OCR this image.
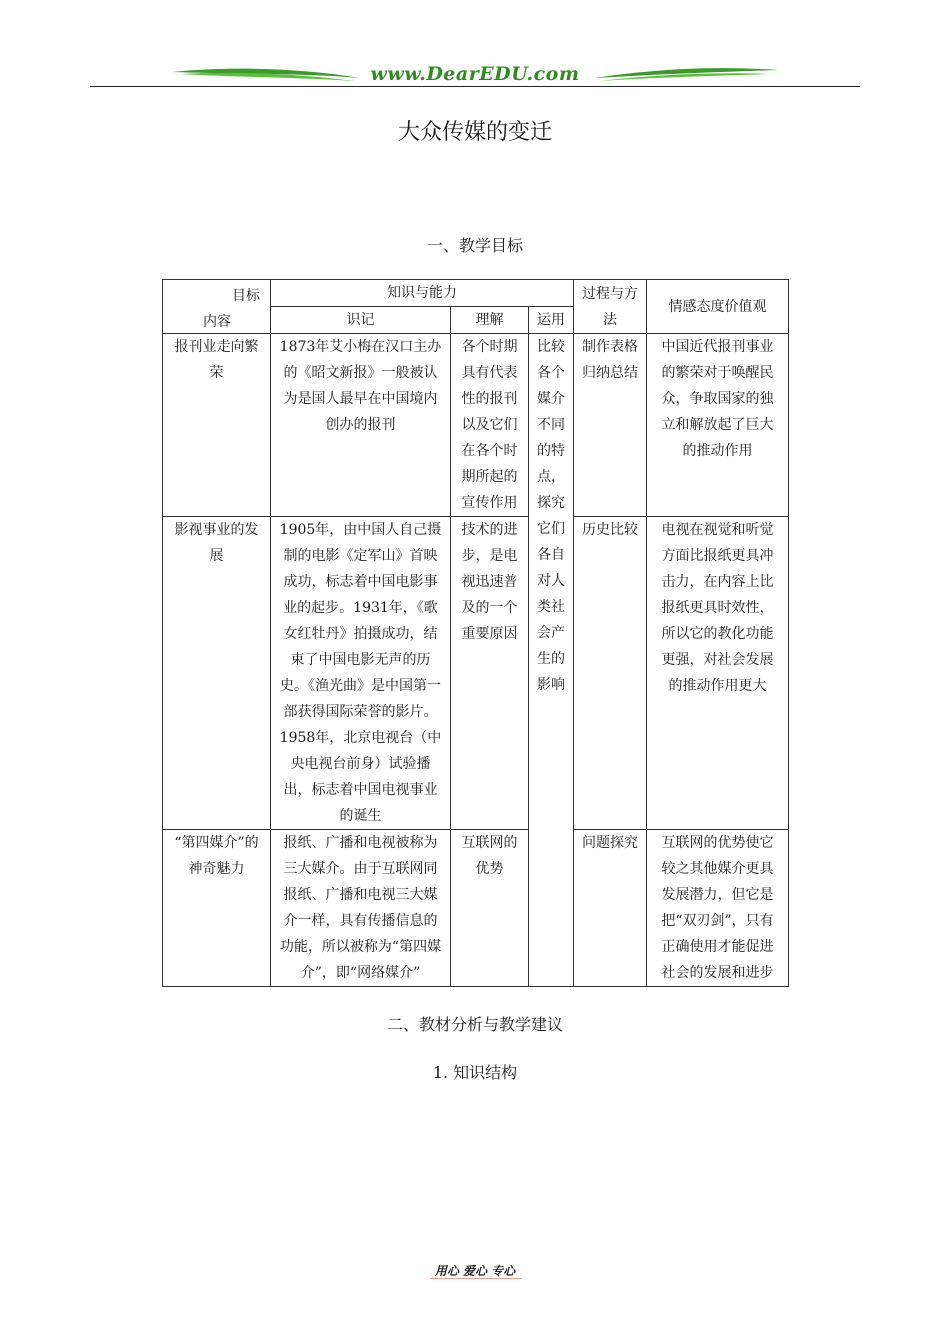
www.DearEDU.com
大众传媒的变迁
一、教学目标
目标
内容	知识与能力			过程与方法	情感态度价值观
	识记	理解	运用		
报刊业走向繁荣	1873年艾小梅在汉口主办的《昭文新报》一般被认为是国人最早在中国境内创办的报刊	各个时期具有代表性的报刊以及它们在各个时期所起的宣传作用	比较各个媒介不同的特点，探究它们各自对人类社会产生的影响	制作表格归纳总结	中国近代报刊事业的繁荣对于唤醒民众，争取国家的独立和解放起了巨大的推动作用
影视事业的发展	1905年，由中国人自己摄制的电影《定军山》首映成功，标志着中国电影事业的起步。1931年，《歌女红牡丹》拍摄成功，结束了中国电影无声的历史。《渔光曲》是中国第一部获得国际荣誉的影片。1958年，北京电视台（中央电视台前身）试验播出，标志着中国电视事业的诞生	技术的进步，是电视迅速普及的一个重要原因		历史比较	电视在视觉和听觉方面比报纸更具冲击力，在内容上比报纸更具时效性，所以它的教化功能更强，对社会发展的推动作用更大
“第四媒介”的神奇魅力	报纸、广播和电视被称为三大媒介。由于互联网同报纸、广播和电视三大媒介一样，具有传播信息的功能，所以被称为“第四媒介”，即“网络媒介”	互联网的优势		问题探究	互联网的优势使它较之其他媒介更具发展潜力，但它是把“双刃剑”，只有正确使用才能促进社会的发展和进步
二、教材分析与教学建议
1. 知识结构
用心 爱心 专心
